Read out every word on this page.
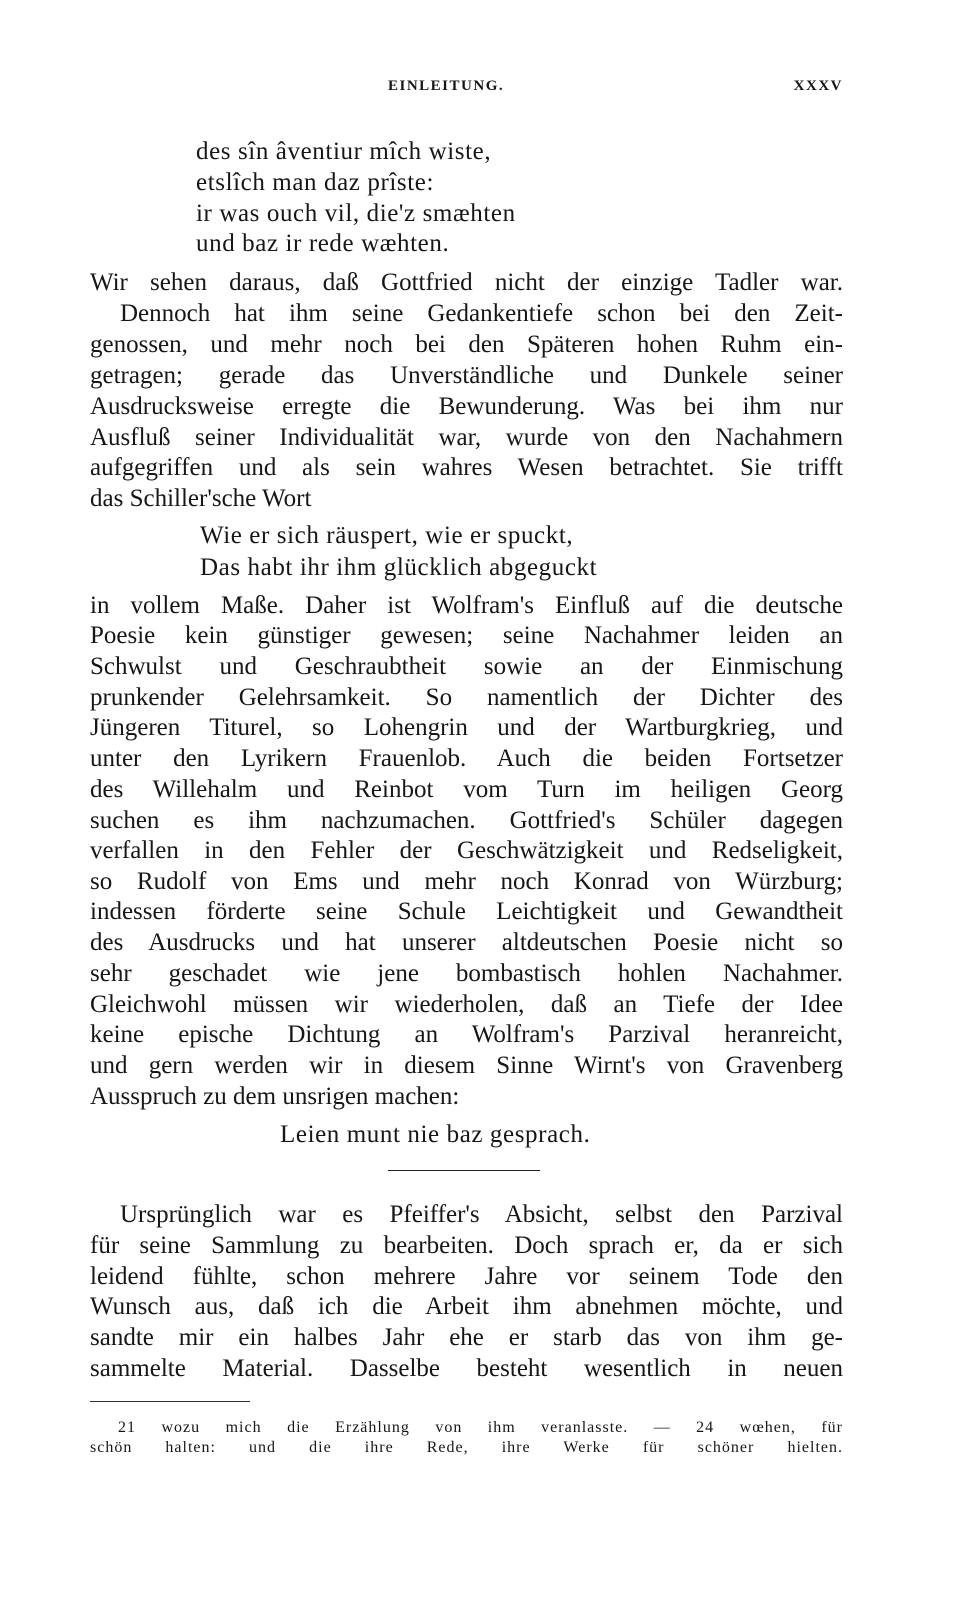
EINLEITUNG.	XXXV
des sîn âventiur mîch wiste,
etslîch man daz prîste:
ir was ouch vil, die'z smæhten
und baz ir rede wæhten.
Wir sehen daraus, daß Gottfried nicht der einzige Tadler war.
Dennoch hat ihm seine Gedankentiefe schon bei den Zeit-
genossen, und mehr noch bei den Späteren hohen Ruhm ein-
getragen; gerade das Unverständliche und Dunkele seiner
Ausdrucksweise erregte die Bewunderung. Was bei ihm nur
Ausfluß seiner Individualität war, wurde von den Nachahmern
aufgegriffen und als sein wahres Wesen betrachtet. Sie trifft
das Schiller'sche Wort
Wie er sich räuspert, wie er spuckt,
Das habt ihr ihm glücklich abgeguckt
in vollem Maße. Daher ist Wolfram's Einfluß auf die deutsche
Poesie kein günstiger gewesen; seine Nachahmer leiden an
Schwulst und Geschraubtheit sowie an der Einmischung
prunkender Gelehrsamkeit. So namentlich der Dichter des
Jüngeren Titurel, so Lohengrin und der Wartburgkrieg, und
unter den Lyrikern Frauenlob. Auch die beiden Fortsetzer
des Willehalm und Reinbot vom Turn im heiligen Georg
suchen es ihm nachzumachen. Gottfried's Schüler dagegen
verfallen in den Fehler der Geschwätzigkeit und Redseligkeit,
so Rudolf von Ems und mehr noch Konrad von Würzburg;
indessen förderte seine Schule Leichtigkeit und Gewandtheit
des Ausdrucks und hat unserer altdeutschen Poesie nicht so
sehr geschadet wie jene bombastisch hohlen Nachahmer.
Gleichwohl müssen wir wiederholen, daß an Tiefe der Idee
keine epische Dichtung an Wolfram's Parzival heranreicht,
und gern werden wir in diesem Sinne Wirnt's von Gravenberg
Ausspruch zu dem unsrigen machen:
Leien munt nie baz gesprach.
Ursprünglich war es Pfeiffer's Absicht, selbst den Parzival
für seine Sammlung zu bearbeiten. Doch sprach er, da er sich
leidend fühlte, schon mehrere Jahre vor seinem Tode den
Wunsch aus, daß ich die Arbeit ihm abnehmen möchte, und
sandte mir ein halbes Jahr ehe er starb das von ihm ge-
sammelte Material. Dasselbe besteht wesentlich in neuen
21 wozu mich die Erzählung von ihm veranlasste. — 24 wœhen, für
schön halten: und die ihre Rede, ihre Werke für schöner hielten.
